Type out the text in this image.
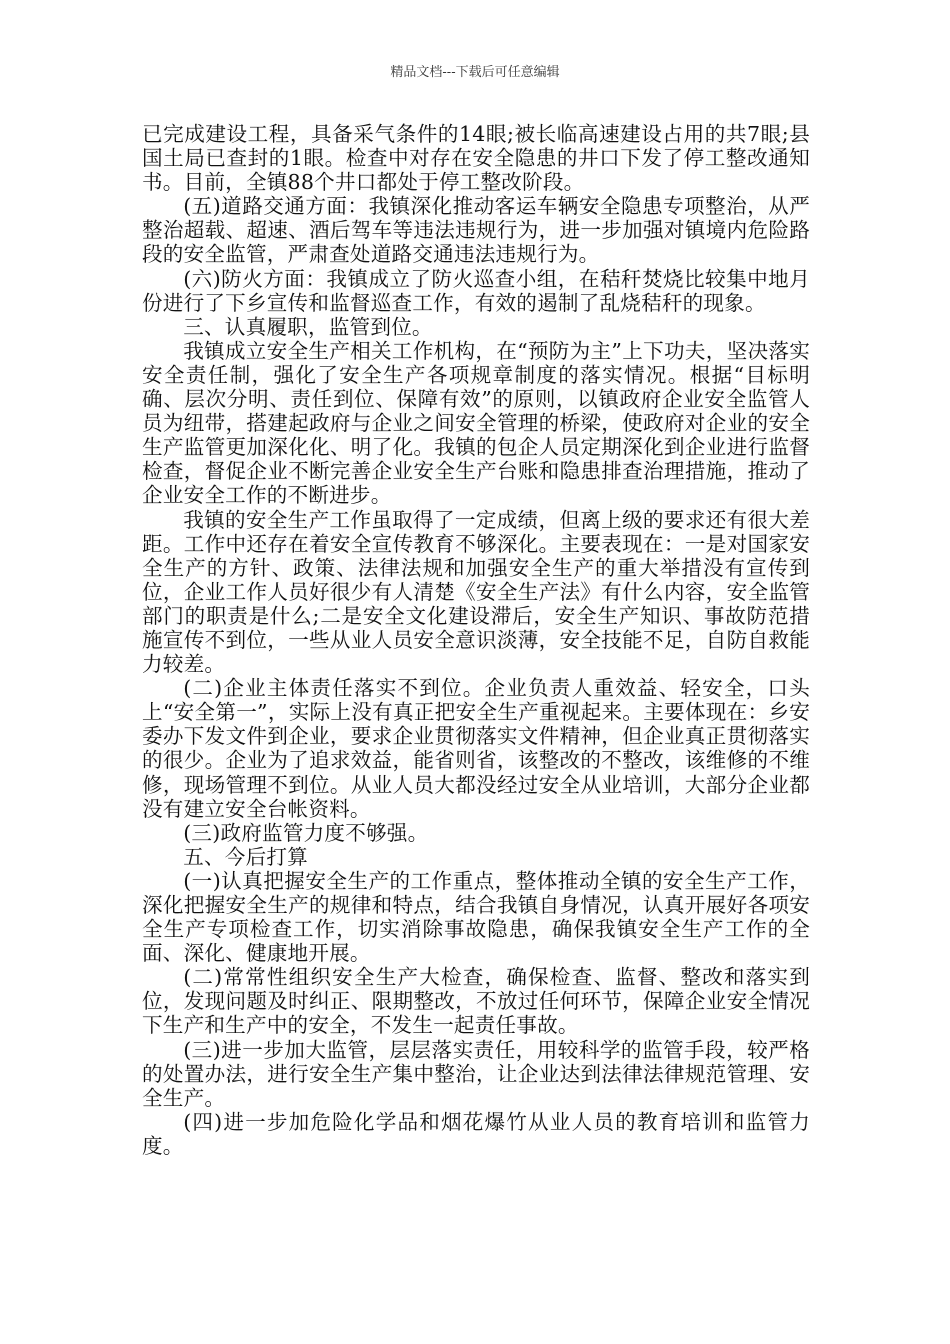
精品文档---下载后可任意编辑

已完成建设工程，具备采气条件的14眼;被长临高速建设占用的共7眼;县国土局已查封的1眼。检查中对存在安全隐患的井口下发了停工整改通知书。目前，全镇88个井口都处于停工整改阶段。

(五)道路交通方面：我镇深化推动客运车辆安全隐患专项整治，从严整治超载、超速、酒后驾车等违法违规行为，进一步加强对镇境内危险路段的安全监管，严肃查处道路交通违法违规行为。

(六)防火方面：我镇成立了防火巡查小组，在秸秆焚烧比较集中地月份进行了下乡宣传和监督巡查工作，有效的遏制了乱烧秸秆的现象。

三、认真履职，监管到位。

我镇成立安全生产相关工作机构，在“预防为主”上下功夫，坚决落实安全责任制，强化了安全生产各项规章制度的落实情况。根据“目标明确、层次分明、责任到位、保障有效”的原则，以镇政府企业安全监管人员为纽带，搭建起政府与企业之间安全管理的桥梁，使政府对企业的安全生产监管更加深化化、明了化。我镇的包企人员定期深化到企业进行监督检查，督促企业不断完善企业安全生产台账和隐患排查治理措施，推动了企业安全工作的不断进步。

我镇的安全生产工作虽取得了一定成绩，但离上级的要求还有很大差距。工作中还存在着安全宣传教育不够深化。主要表现在：一是对国家安全生产的方针、政策、法律法规和加强安全生产的重大举措没有宣传到位，企业工作人员好很少有人清楚《安全生产法》有什么内容，安全监管部门的职责是什么;二是安全文化建设滞后，安全生产知识、事故防范措施宣传不到位，一些从业人员安全意识淡薄，安全技能不足，自防自救能力较差。

(二)企业主体责任落实不到位。企业负责人重效益、轻安全，口头上“安全第一”，实际上没有真正把安全生产重视起来。主要体现在：乡安委办下发文件到企业，要求企业贯彻落实文件精神，但企业真正贯彻落实的很少。企业为了追求效益，能省则省，该整改的不整改，该维修的不维修，现场管理不到位。从业人员大都没经过安全从业培训，大部分企业都没有建立安全台帐资料。

(三)政府监管力度不够强。

五、今后打算

(一)认真把握安全生产的工作重点，整体推动全镇的安全生产工作，深化把握安全生产的规律和特点，结合我镇自身情况，认真开展好各项安全生产专项检查工作，切实消除事故隐患，确保我镇安全生产工作的全面、深化、健康地开展。

(二)常常性组织安全生产大检查，确保检查、监督、整改和落实到位，发现问题及时纠正、限期整改，不放过任何环节，保障企业安全情况下生产和生产中的安全，不发生一起责任事故。

(三)进一步加大监管，层层落实责任，用较科学的监管手段，较严格的处置办法，进行安全生产集中整治，让企业达到法律法律规范管理、安全生产。

(四)进一步加危险化学品和烟花爆竹从业人员的教育培训和监管力度。
